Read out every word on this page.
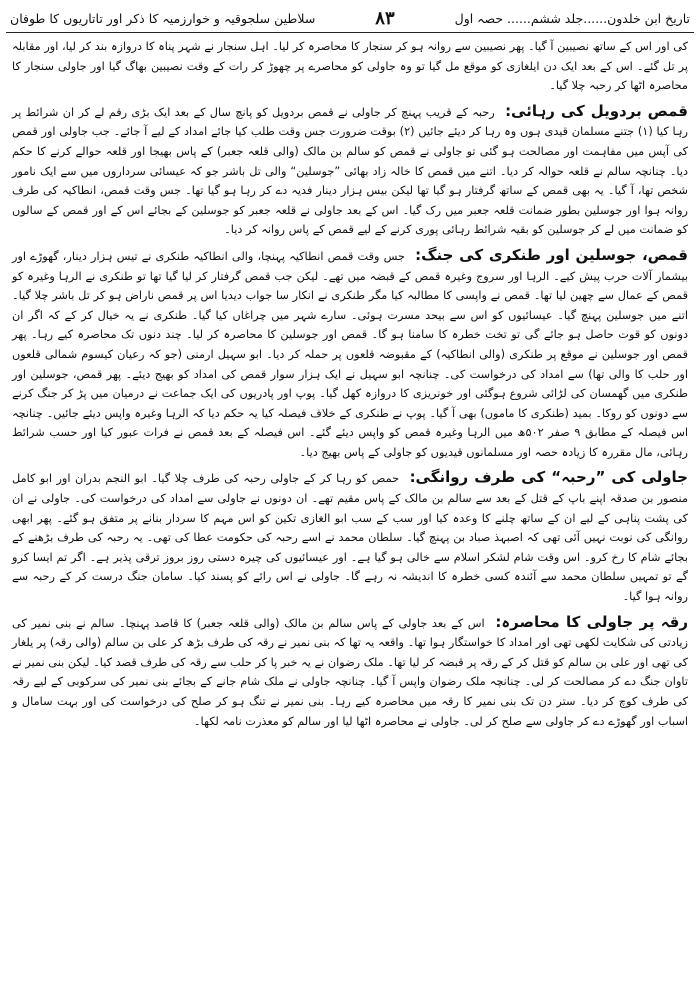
تاریخ ابن خلدون......جلد ششم...... حصہ اول
۸۳
سلاطین سلجوقیہ و خوارزمیہ کا ذکر اور تاتاریوں کا طوفان

کی اور اس کے ساتھ نصیبین آ گیا۔ پھر نصیبین سے روانہ ہو کر سنجار کا محاصرہ کر لیا۔ اہل سنجار نے شہر پناہ کا دروازہ بند کر لیا، اور مقابلہ پر تل گئے۔ اس کے بعد ایک دن ایلغازی کو موقع مل گیا تو وہ جاولی کو محاصرے پر چھوڑ کر رات کے وقت نصیبین بھاگ گیا اور جاولی سنجار کا محاصرہ اٹھا کر رحبہ چلا گیا۔

قمص بردویل کی رہائی: رحبہ کے قریب پہنچ کر جاولی نے قمص بردویل کو پانچ سال کے بعد ایک بڑی رقم لے کر ان شرائط پر رہا کیا (۱) جتنے مسلمان قیدی ہوں وہ رہا کر دیئے جائیں (۲) بوقت ضرورت جس وقت طلب کیا جائے امداد کے لیے آ جائے۔ جب جاولی اور قمص کی آپس میں مفاہمت اور مصالحت ہو گئی تو جاولی نے قمص کو سالم بن مالک (والی قلعہ جعبر) کے پاس بھیجا اور قلعہ حوالے کرنے کا حکم دیا۔ چنانچہ سالم نے قلعہ حوالہ کر دیا۔ اتنے میں قمص کا خالہ زاد بھائی ”جوسلین“ والی تل باشر جو کہ عیسائی سرداروں میں سے ایک نامور شخص تھا، آ گیا۔ یہ بھی قمص کے ساتھ گرفتار ہو گیا تھا لیکن بیس ہزار دینار فدیہ دے کر رہا ہو گیا تھا۔ جس وقت قمص، انطاکیہ کی طرف روانہ ہوا اور جوسلین بطور ضمانت قلعہ جعبر میں رک گیا۔ اس کے بعد جاولی نے قلعہ جعبر کو جوسلین کے بجائے اس کے اور قمص کے سالوں کو ضمانت میں لے کر جوسلین کو بقیہ شرائط رہائی پوری کرنے کے لیے قمص کے پاس روانہ کر دیا۔

قمص، جوسلین اور طنکری کی جنگ: جس وقت قمص انطاکیہ پہنچا، والی انطاکیہ طنکری نے تیس ہزار دینار، گھوڑے اور بیشمار آلات حرب پیش کیے۔ الرہا اور سروج وغیرہ قمص کے قبضہ میں تھے۔ لیکن جب قمص گرفتار کر لیا گیا تھا تو طنکری نے الرہا وغیرہ کو قمص کے عمال سے چھین لیا تھا۔ قمص نے واپسی کا مطالبہ کیا مگر طنکری نے انکار سا جواب دیدیا اس پر قمص ناراض ہو کر تل باشر چلا گیا۔ اتنے میں جوسلین پہنچ گیا۔ عیسائیوں کو اس سے بیحد مسرت ہوئی۔ سارے شہر میں چراغاں کیا گیا۔ طنکری نے یہ خیال کر کے کہ اگر ان دونوں کو قوت حاصل ہو جائے گی تو تخت خطرہ کا سامنا ہو گا۔ قمص اور جوسلین کا محاصرہ کر لیا۔ چند دنوں تک محاصرہ کیے رہا۔ پھر قمص اور جوسلین نے موقع پر طنکری (والی انطاکیہ) کے مقبوضہ قلعوں پر حملہ کر دیا۔ ابو سہیل ارمنی (جو کہ رعیان کیسوم شمالی قلعوں اور حلب کا والی تھا) سے امداد کی درخواست کی۔ چنانچہ ابو سہیل نے ایک ہزار سوار قمص کی امداد کو بھیج دیئے۔ پھر قمص، جوسلین اور طنکری میں گھمسان کی لڑائی شروع ہوگئی اور خونریزی کا دروازہ کھل گیا۔ پوپ اور پادریوں کی ایک جماعت نے درمیان میں پڑ کر جنگ کرنے سے دونوں کو روکا۔ بمید (طنکری کا ماموں) بھی آ گیا۔ پوپ نے طنکری کے خلاف فیصلہ کیا یہ حکم دیا کہ الرہا وغیرہ واپس دیئے جائیں۔ چنانچہ اس فیصلہ کے مطابق ۹ صفر ۵۰۲ھ میں الرہا وغیرہ قمص کو واپس دیئے گئے۔ اس فیصلہ کے بعد قمص نے فرات عبور کیا اور حسب شرائط رہائی، مال مقررہ کا زیادہ حصہ اور مسلمانوں قیدیوں کو جاولی کے پاس بھیج دیا۔

جاولی کی ”رحبہ“ کی طرف روانگی: حمص کو رہا کر کے جاولی رحبہ کی طرف چلا گیا۔ ابو النجم بدران اور ابو کامل منصور بن صدقہ اپنے باپ کے قتل کے بعد سے سالم بن مالک کے پاس مقیم تھے۔ ان دونوں نے جاولی سے امداد کی درخواست کی۔ جاولی نے ان کی پشت پناہی کے لیے ان کے ساتھ چلنے کا وعدہ کیا اور سب کے سب ابو الغازی تکین کو اس مہم کا سردار بنانے پر متفق ہو گئے۔ پھر ابھی روانگی کی نوبت نہیں آئی تھی کہ اصبہذ صباد بن پہنچ گیا۔ سلطان محمد نے اسے رحبہ کی حکومت عطا کی تھی۔ یہ رحبہ کی طرف بڑھنے کے بجائے شام کا رخ کرو۔ اس وقت شام لشکر اسلام سے خالی ہو گیا ہے۔ اور عیسائیوں کی چیرہ دستی روز بروز ترقی پذیر ہے۔ اگر تم ایسا کرو گے تو تمہیں سلطان محمد سے آئندہ کسی خطرہ کا اندیشہ نہ رہے گا۔ جاولی نے اس رائے کو پسند کیا۔ سامان جنگ درست کر کے رحبہ سے روانہ ہوا گیا۔

رقہ پر جاولی کا محاصرہ: اس کے بعد جاولی کے پاس سالم بن مالک (والی قلعہ جعبر) کا قاصد پہنچا۔ سالم نے بنی نمیر کی زیادتی کی شکایت لکھی تھی اور امداد کا خواستگار ہوا تھا۔ واقعہ یہ تھا کہ بنی نمیر نے رقہ کی طرف بڑھ کر علی بن سالم (والی رقہ) پر یلغار کی تھی اور علی بن سالم کو قتل کر کے رقہ پر قبضہ کر لیا تھا۔ ملک رضوان نے یہ خبر پا کر حلب سے رقہ کی طرف قصد کیا۔ لیکن بنی نمیر نے تاوان جنگ دے کر مصالحت کر لی۔ چنانچہ ملک رضوان واپس آ گیا۔ چنانچہ جاولی نے ملک شام جانے کے بجائے بنی نمیر کی سرکوبی کے لیے رقہ کی طرف کوچ کر دیا۔ ستر دن تک بنی نمیر کا رقہ میں محاصرہ کیے رہا۔ بنی نمیر نے تنگ ہو کر صلح کی درخواست کی اور بہت سامال و اسباب اور گھوڑے دے کر جاولی سے صلح کر لی۔ جاولی نے محاصرہ اٹھا لیا اور سالم کو معذرت نامہ لکھا۔
